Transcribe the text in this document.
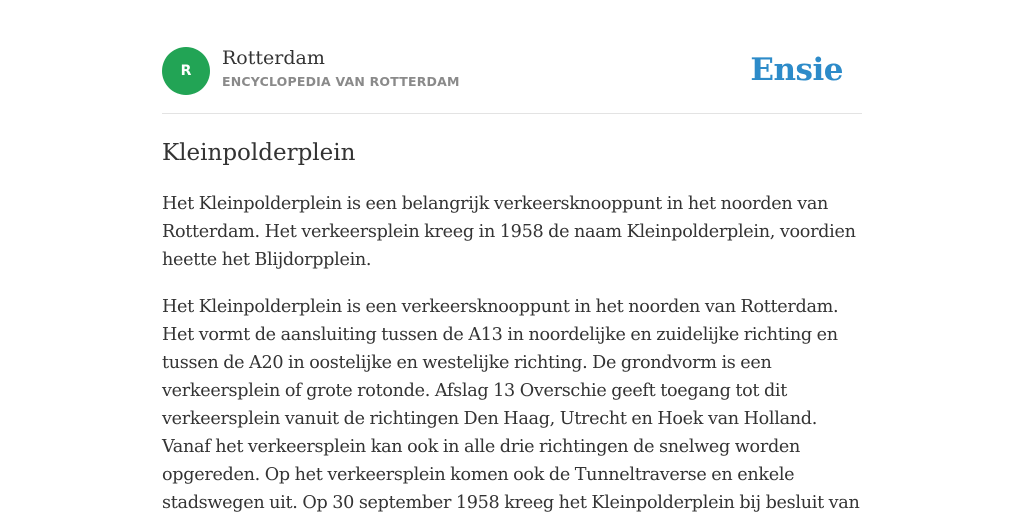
R
Rotterdam
ENCYCLOPEDIA VAN ROTTERDAM	Ensie
Kleinpolderplein

Het Kleinpolderplein is een belangrijk verkeersknooppunt in het noorden van Rotterdam. Het verkeersplein kreeg in 1958 de naam Kleinpolderplein, voordien heette het Blijdorpplein.

Het Kleinpolderplein is een verkeersknooppunt in het noorden van Rotterdam. Het vormt de aansluiting tussen de A13 in noordelijke en zuidelijke richting en tussen de A20 in oostelijke en westelijke richting. De grondvorm is een verkeersplein of grote rotonde. Afslag 13 Overschie geeft toegang tot dit verkeersplein vanuit de richtingen Den Haag, Utrecht en Hoek van Holland. Vanaf het verkeersplein kan ook in alle drie richtingen de snelweg worden opgereden. Op het verkeersplein komen ook de Tunneltraverse en enkele stadswegen uit. Op 30 september 1958 kreeg het Kleinpolderplein bij besluit van
